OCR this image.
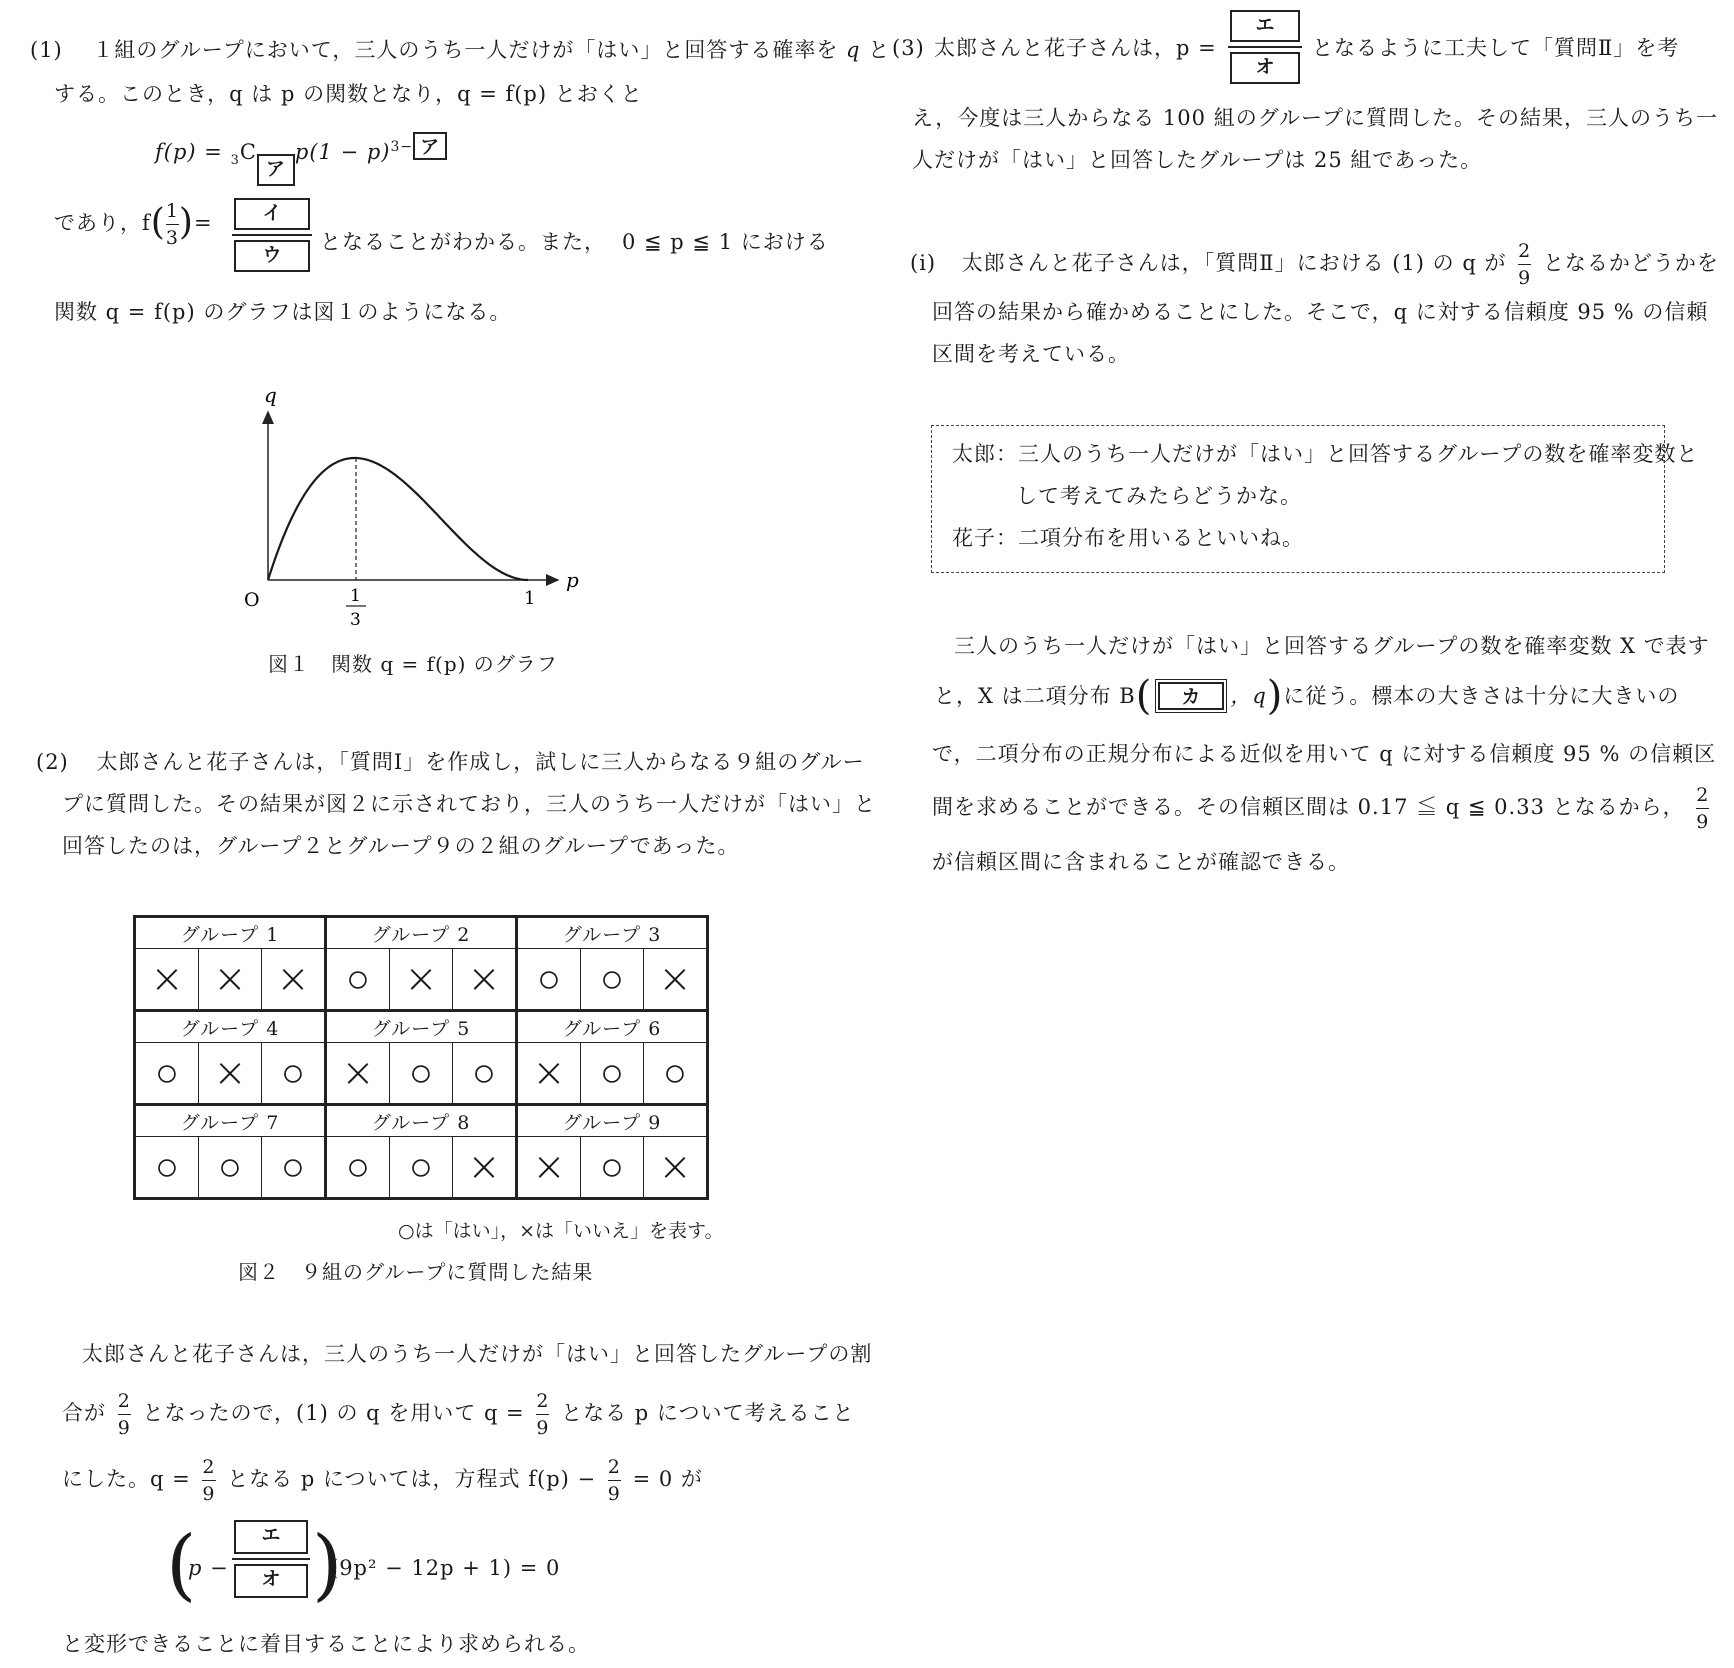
(1) １組のグループにおいて，三人のうち一人だけが「はい」と回答する確率を q と
する。このとき，q は p の関数となり，q = f(p) とおくと
f(p) = $_3$Cア$p(1 - p)^{3-}$ ア
であり，$f( \frac{1}{3}$ )=	イ
ウ
となることがわかる。また， 0 ≦ p ≦ 1 における
関数 q = f(p) のグラフは図１のようになる。
q
p
O	1
3
1
図１　関数 q = f(p) のグラフ
(2) 太郎さんと花子さんは，「質問Ⅰ」を作成し，試しに三人からなる９組のグルー
プに質問した。その結果が図２に示されており，三人のうち一人だけが「はい」と
回答したのは，グループ２とグループ９の２組のグループであった。
グループ 1			グループ 2			グループ 3		
×	×	×	○	×	×	○	○	×
グループ 4			グループ 5			グループ 6		
○	×	○	×	○	○	×	○	○
グループ 7			グループ 8			グループ 9		
○	○	○	○	○	×	×	○	×
○は「はい」，×は「いいえ」を表す。
図２　９組のグループに質問した結果
太郎さんと花子さんは，三人のうち一人だけが「はい」と回答したグループの割
合が $\frac{2}{9}$ となったので，(1) の q を用いて $q = \frac{2}{9}$ となる p について考えること
にした。$q = \frac{2}{9}$ となる p については，方程式 $f(p) - \frac{2}{9} = 0$ が
(
p −
エ
オ )
(9p² − 12p + 1) = 0
と変形できることに着目することにより求められる。
(3) 太郎さんと花子さんは，p =
エ
オ
となるように工夫して「質問Ⅱ」を考
え，今度は三人からなる 100 組のグループに質問した。その結果，三人のうち一
人だけが「はい」と回答したグループは 25 組であった。
(i) 太郎さんと花子さんは，「質問Ⅱ」における (1) の q が $\frac{2}{9}$ となるかどうかを
回答の結果から確かめることにした。そこで，q に対する信頼度 95 % の信頼
区間を考えている。
太郎：三人のうち一人だけが「はい」と回答するグループの数を確率変数と
して考えてみたらどうかな。
花子：二項分布を用いるといいね。
三人のうち一人だけが「はい」と回答するグループの数を確率変数 X で表す
と，X は二項分布 B( カ ，q)に従う。標本の大きさは十分に大きいの
で，二項分布の正規分布による近似を用いて q に対する信頼度 95 % の信頼区
間を求めることができる。その信頼区間は 0.17 ≦ q ≦ 0.33 となるから， $\frac{2}{9}$
が信頼区間に含まれることが確認できる。
